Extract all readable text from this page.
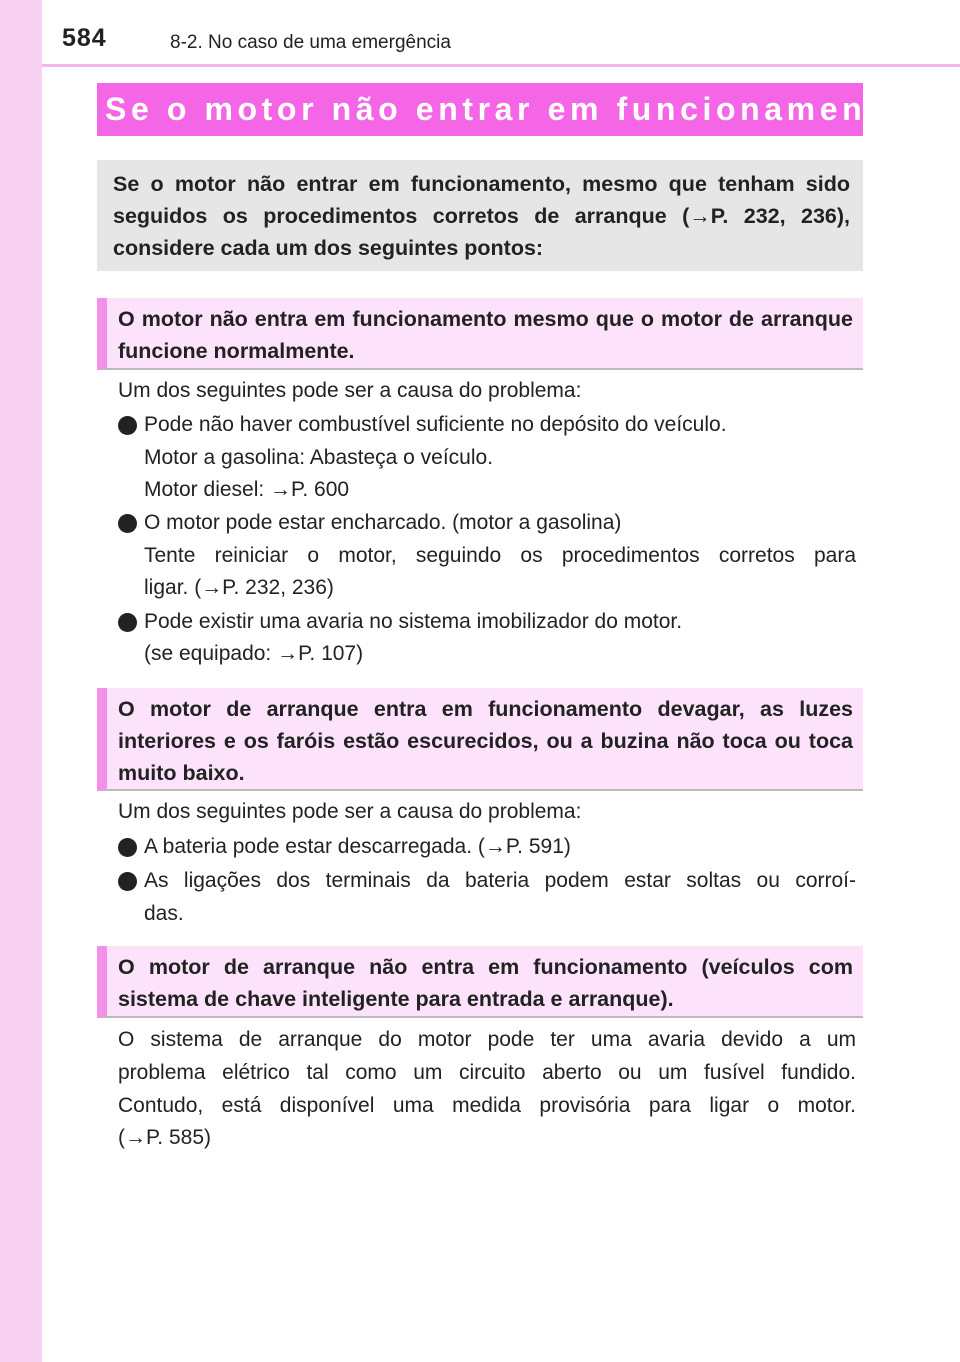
584	8-2. No caso de uma emergência
Se o motor não entrar em funcionamento
Se o motor não entrar em funcionamento, mesmo que tenham sido seguidos os procedimentos corretos de arranque (→P. 232, 236), considere cada um dos seguintes pontos:
O motor não entra em funcionamento mesmo que o motor de arranque funcione normalmente.
Um dos seguintes pode ser a causa do problema:
Pode não haver combustível suficiente no depósito do veículo.
Motor a gasolina: Abasteça o veículo.
Motor diesel: →P. 600
O motor pode estar encharcado. (motor a gasolina)
Tente reiniciar o motor, seguindo os procedimentos corretos para
ligar. (→P. 232, 236)
Pode existir uma avaria no sistema imobilizador do motor.
(se equipado: →P. 107)
O motor de arranque entra em funcionamento devagar, as luzes interiores e os faróis estão escurecidos, ou a buzina não toca ou toca muito baixo.
Um dos seguintes pode ser a causa do problema:
A bateria pode estar descarregada. (→P. 591)
As ligações dos terminais da bateria podem estar soltas ou corroí-
das.
O motor de arranque não entra em funcionamento (veículos com sistema de chave inteligente para entrada e arranque).
O sistema de arranque do motor pode ter uma avaria devido a um
problema elétrico tal como um circuito aberto ou um fusível fundido.
Contudo, está disponível uma medida provisória para ligar o motor.
(→P. 585)
